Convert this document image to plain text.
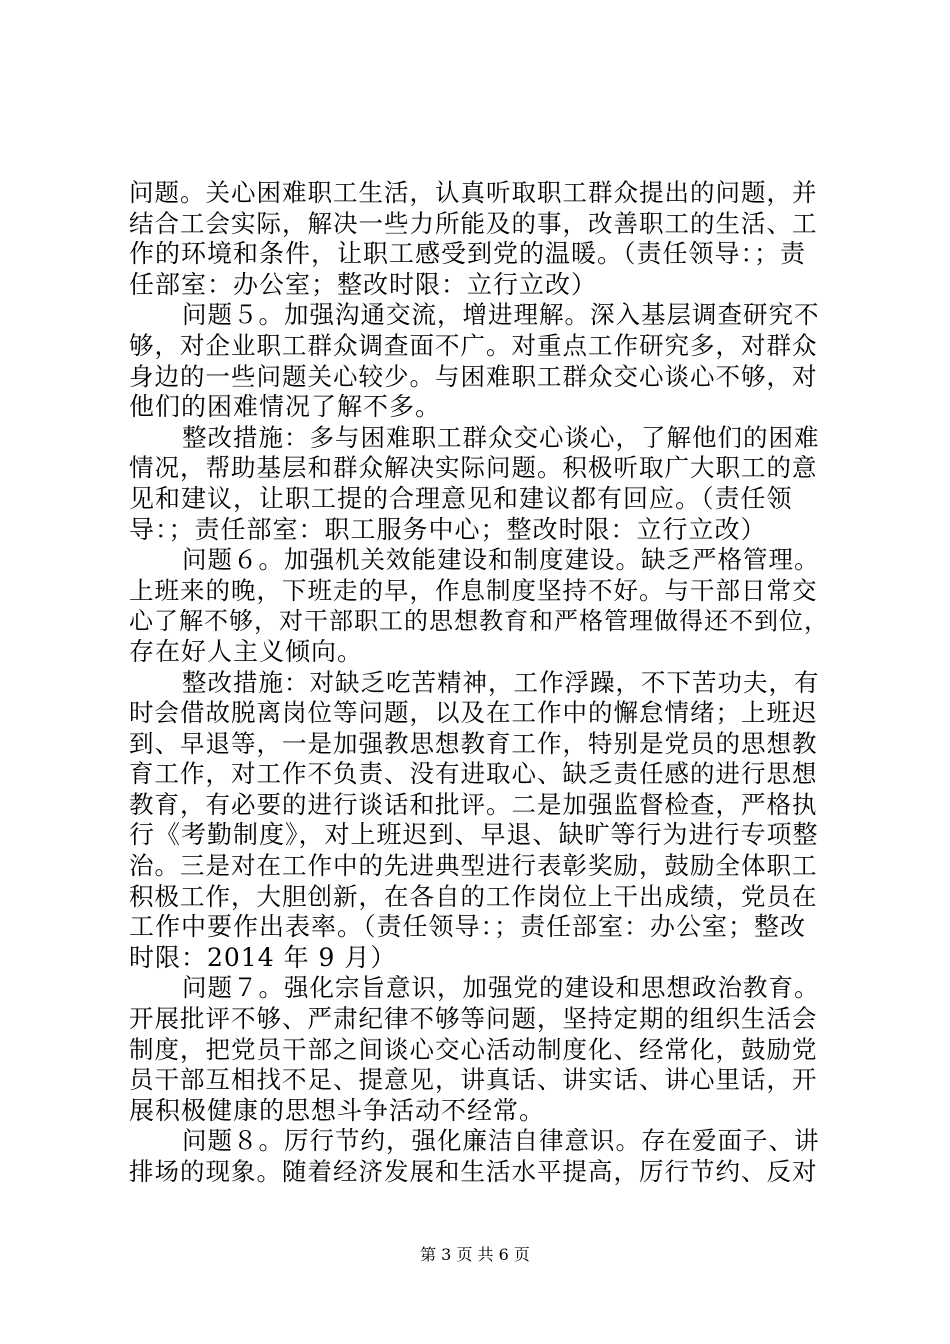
问题。关心困难职工生活，认真听取职工群众提出的问题，并
结合工会实际，解决一些力所能及的事，改善职工的生活、工
作的环境和条件，让职工感受到党的温暖。（责任领导：；责
任部室：办公室；整改时限：立行立改）
问题５。加强沟通交流，增进理解。深入基层调查研究不
够，对企业职工群众调查面不广。对重点工作研究多，对群众
身边的一些问题关心较少。与困难职工群众交心谈心不够，对
他们的困难情况了解不多。
整改措施：多与困难职工群众交心谈心，了解他们的困难
情况，帮助基层和群众解决实际问题。积极听取广大职工的意
见和建议，让职工提的合理意见和建议都有回应。（责任领
导：；责任部室：职工服务中心；整改时限：立行立改）
问题６。加强机关效能建设和制度建设。缺乏严格管理。
上班来的晚，下班走的早，作息制度坚持不好。与干部日常交
心了解不够，对干部职工的思想教育和严格管理做得还不到位，
存在好人主义倾向。
整改措施：对缺乏吃苦精神，工作浮躁，不下苦功夫，有
时会借故脱离岗位等问题，以及在工作中的懈怠情绪；上班迟
到、早退等，一是加强教思想教育工作，特别是党员的思想教
育工作，对工作不负责、没有进取心、缺乏责任感的进行思想
教育，有必要的进行谈话和批评。二是加强监督检查，严格执
行《考勤制度》，对上班迟到、早退、缺旷等行为进行专项整
治。三是对在工作中的先进典型进行表彰奖励，鼓励全体职工
积极工作，大胆创新，在各自的工作岗位上干出成绩，党员在
工作中要作出表率。（责任领导：；责任部室：办公室；整改
时限：2014 年 9 月）
问题７。强化宗旨意识，加强党的建设和思想政治教育。
开展批评不够、严肃纪律不够等问题，坚持定期的组织生活会
制度，把党员干部之间谈心交心活动制度化、经常化，鼓励党
员干部互相找不足、提意见，讲真话、讲实话、讲心里话，开
展积极健康的思想斗争活动不经常。
问题８。厉行节约，强化廉洁自律意识。存在爱面子、讲
排场的现象。随着经济发展和生活水平提高，厉行节约、反对
第 3 页 共 6 页
